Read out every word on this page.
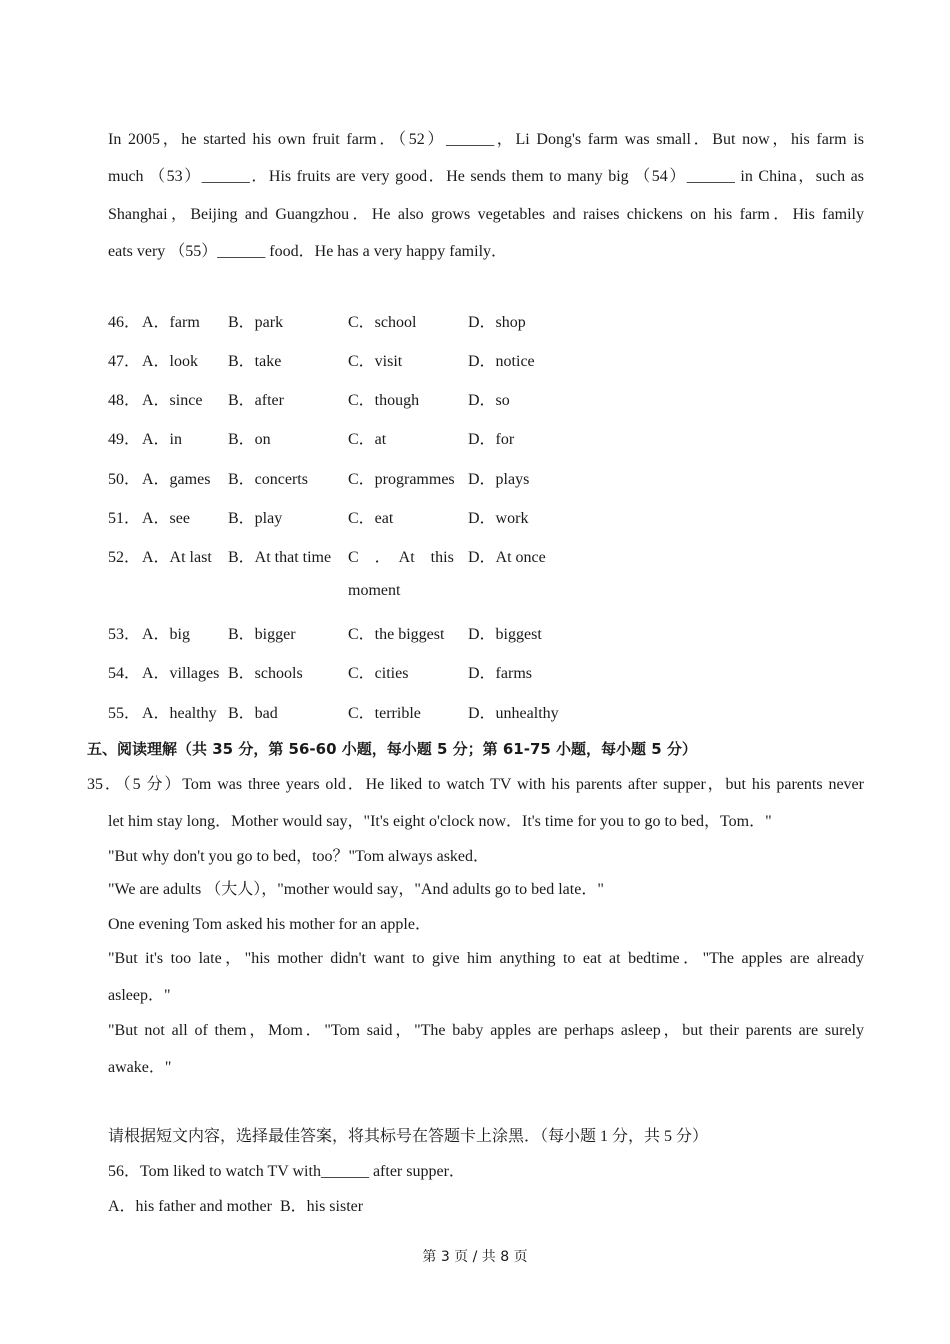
In 2005，he started his own fruit farm．（52）______，Li Dong's farm was small．But now，his farm is
much （53）______．His fruits are very good．He sends them to many big （54）______ in China，such as
Shanghai，Beijing and Guangzhou．He also grows vegetables and raises chickens on his farm．His family
eats very （55）______ food．He has a very happy family．
46． A．farm B．park	C．school	D．shop
47． A．look B．take	C．visit	D．notice
48． A．since B．after	C．though	D．so
49． A．in	B．on	C．at	D．for
50． A．games B．concerts	C．programmes D．plays
51． A．see B．play	C．eat	D．work
52． A．At last B．At that time C　．　At　this D．At once
moment
53． A．big B．bigger	C．the biggest D．biggest
54． A．villages B．schools	C．cities	D．farms
55． A．healthy B．bad	C．terrible	D．unhealthy
五、阅读理解（共 35 分，第 56-60 小题，每小题 5 分；第 61-75 小题，每小题 5 分）
35．（5 分）Tom was three years old．He liked to watch TV with his parents after supper，but his parents never
let him stay long．Mother would say，"It's eight o'clock now．It's time for you to go to bed，Tom．"
"But why don't you go to bed，too？"Tom always asked．
"We are adults （大人），"mother would say，"And adults go to bed late．"
One evening Tom asked his mother for an apple．
"But it's too late，"his mother didn't want to give him anything to eat at bedtime．"The apples are already
asleep．"
"But not all of them，Mom．"Tom said，"The baby apples are perhaps asleep，but their parents are surely
awake．"
请根据短文内容，选择最佳答案，将其标号在答题卡上涂黑．（每小题 1 分，共 5 分）
56．Tom liked to watch TV with______ after supper．
A．his father and mother  B．his sister
第 3 页 / 共 8 页
